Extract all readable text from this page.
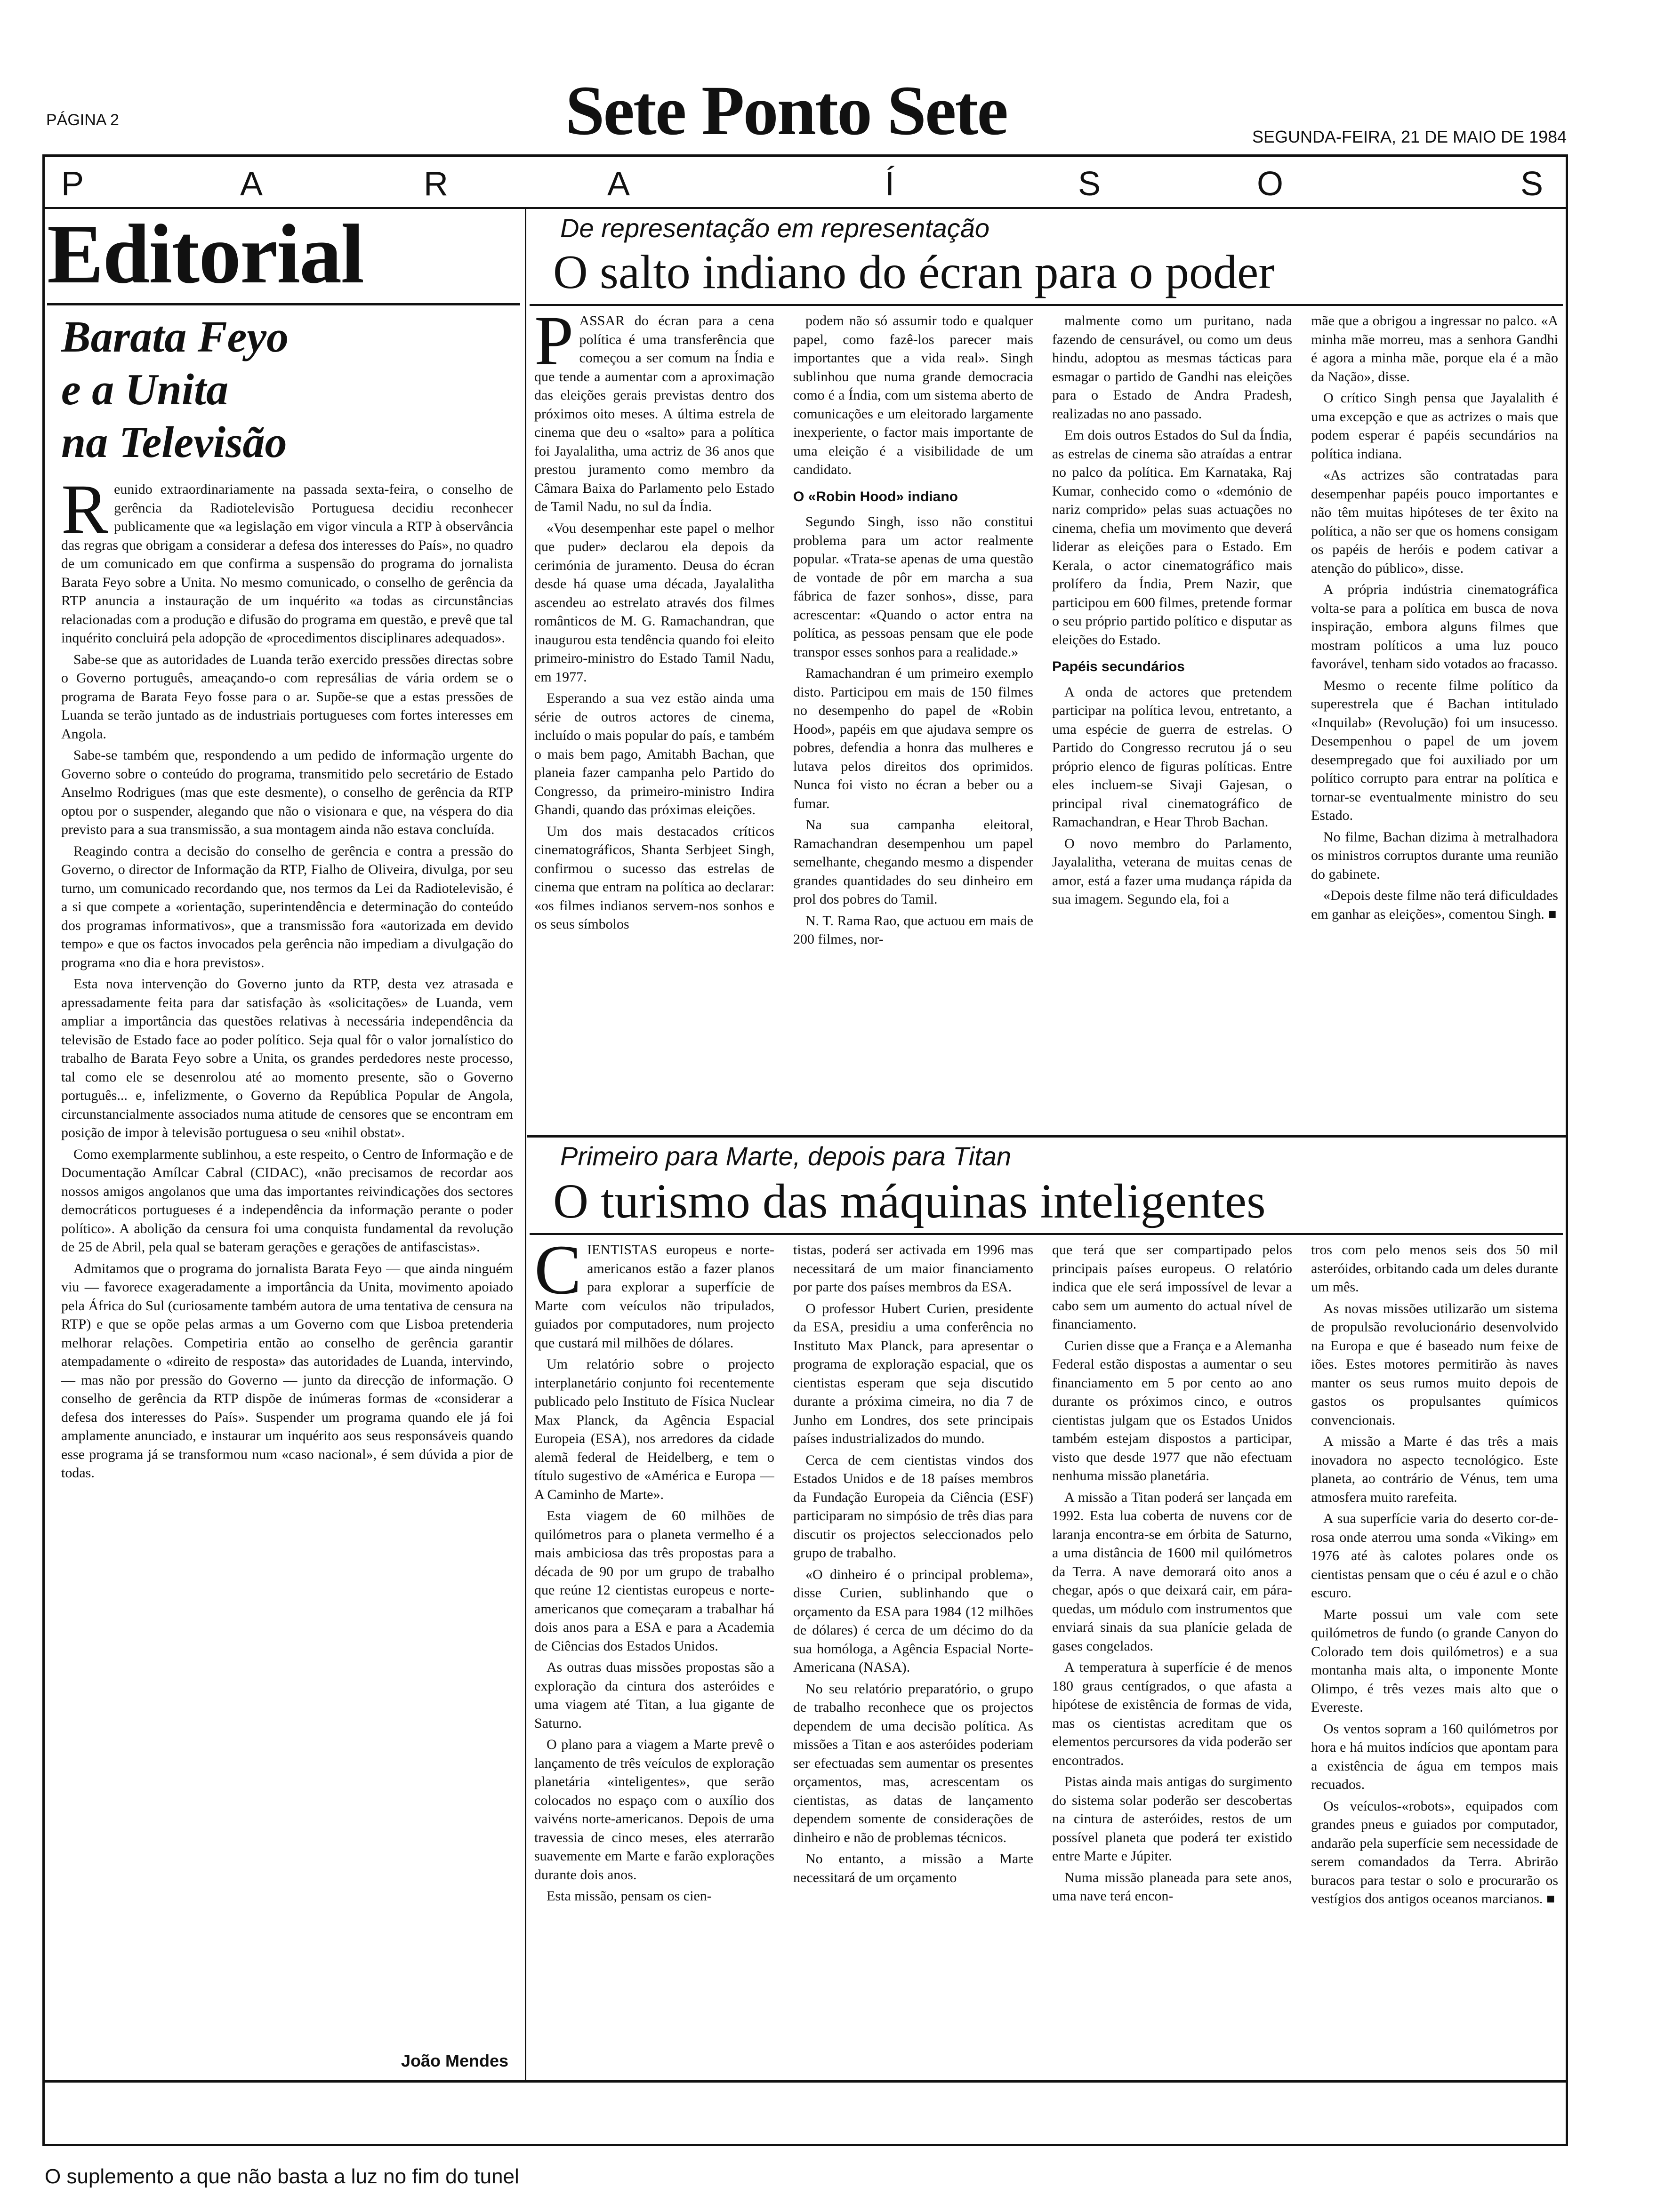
PÁGINA 2	Sete Ponto Sete	SEGUNDA-FEIRA, 21 DE MAIO DE 1984
P	A	R	A	Í	S	O	S
Editorial
Barata Feyo
e a Unita
na Televisão
R eunido extraordinariamente na passada sexta-feira, o conselho de gerência da Radiotelevisão Portuguesa decidiu reconhecer publicamente que «a legislação em vigor vincula a RTP à observância das regras que obrigam a considerar a defesa dos interesses do País», no quadro de um comunicado em que confirma a suspensão do programa do jornalista Barata Feyo sobre a Unita. No mesmo comunicado, o conselho de gerência da RTP anuncia a instauração de um inquérito «a todas as circunstâncias relacionadas com a produção e difusão do programa em questão, e prevê que tal inquérito concluirá pela adopção de «procedimentos disciplinares adequados».

Sabe-se que as autoridades de Luanda terão exercido pressões directas sobre o Governo português, ameaçando-o com represálias de vária ordem se o programa de Barata Feyo fosse para o ar. Supõe-se que a estas pressões de Luanda se terão juntado as de industriais portugueses com fortes interesses em Angola.

Sabe-se também que, respondendo a um pedido de informação urgente do Governo sobre o conteúdo do programa, transmitido pelo secretário de Estado Anselmo Rodrigues (mas que este desmente), o conselho de gerência da RTP optou por o suspender, alegando que não o visionara e que, na véspera do dia previsto para a sua transmissão, a sua montagem ainda não estava concluída.

Reagindo contra a decisão do conselho de gerência e contra a pressão do Governo, o director de Informação da RTP, Fialho de Oliveira, divulga, por seu turno, um comunicado recordando que, nos termos da Lei da Radiotelevisão, é a si que compete a «orientação, superintendência e determinação do conteúdo dos programas informativos», que a transmissão fora «autorizada em devido tempo» e que os factos invocados pela gerência não impediam a divulgação do programa «no dia e hora previstos».

Esta nova intervenção do Governo junto da RTP, desta vez atrasada e apressadamente feita para dar satisfação às «solicitações» de Luanda, vem ampliar a importância das questões relativas à necessária independência da televisão de Estado face ao poder político. Seja qual fôr o valor jornalístico do trabalho de Barata Feyo sobre a Unita, os grandes perdedores neste processo, tal como ele se desenrolou até ao momento presente, são o Governo português... e, infelizmente, o Governo da República Popular de Angola, circunstancialmente associados numa atitude de censores que se encontram em posição de impor à televisão portuguesa o seu «nihil obstat».

Como exemplarmente sublinhou, a este respeito, o Centro de Informação e de Documentação Amílcar Cabral (CIDAC), «não precisamos de recordar aos nossos amigos angolanos que uma das importantes reivindicações dos sectores democráticos portugueses é a independência da informação perante o poder político». A abolição da censura foi uma conquista fundamental da revolução de 25 de Abril, pela qual se bateram gerações e gerações de antifascistas».

Admitamos que o programa do jornalista Barata Feyo — que ainda ninguém viu — favorece exageradamente a importância da Unita, movimento apoiado pela África do Sul (curiosamente também autora de uma tentativa de censura na RTP) e que se opõe pelas armas a um Governo com que Lisboa pretenderia melhorar relações. Competiria então ao conselho de gerência garantir atempadamente o «direito de resposta» das autoridades de Luanda, intervindo, — mas não por pressão do Governo — junto da direcção de informação. O conselho de gerência da RTP dispõe de inúmeras formas de «considerar a defesa dos interesses do País». Suspender um programa quando ele já foi amplamente anunciado, e instaurar um inquérito aos seus responsáveis quando esse programa já se transformou num «caso nacional», é sem dúvida a pior de todas.

João Mendes
De representação em representação
O salto indiano do écran para o poder
P ASSAR do écran para a cena política é uma transferência que começou a ser comum na Índia e que tende a aumentar com a aproximação das eleições gerais previstas dentro dos próximos oito meses. A última estrela de cinema que deu o «salto» para a política foi Jayalalitha, uma actriz de 36 anos que prestou juramento como membro da Câmara Baixa do Parlamento pelo Estado de Tamil Nadu, no sul da Índia.

«Vou desempenhar este papel o melhor que puder» declarou ela depois da cerimónia de juramento. Deusa do écran desde há quase uma década, Jayalalitha ascendeu ao estrelato através dos filmes românticos de M. G. Ramachandran, que inaugurou esta tendência quando foi eleito primeiro-ministro do Estado Tamil Nadu, em 1977.

Esperando a sua vez estão ainda uma série de outros actores de cinema, incluído o mais popular do país, e também o mais bem pago, Amitabh Bachan, que planeia fazer campanha pelo Partido do Congresso, da primeiro-ministro Indira Ghandi, quando das próximas eleições.

Um dos mais destacados críticos cinematográficos, Shanta Serbjeet Singh, confirmou o sucesso das estrelas de cinema que entram na política ao declarar: «os filmes indianos servem-nos sonhos e os seus símbolos

podem não só assumir todo e qualquer papel, como fazê-los parecer mais importantes que a vida real». Singh sublinhou que numa grande democracia como é a Índia, com um sistema aberto de comunicações e um eleitorado largamente inexperiente, o factor mais importante de uma eleição é a visibilidade de um candidato.

O «Robin Hood» indiano

Segundo Singh, isso não constitui problema para um actor realmente popular. «Trata-se apenas de uma questão de vontade de pôr em marcha a sua fábrica de fazer sonhos», disse, para acrescentar: «Quando o actor entra na política, as pessoas pensam que ele pode transpor esses sonhos para a realidade.»

Ramachandran é um primeiro exemplo disto. Participou em mais de 150 filmes no desempenho do papel de «Robin Hood», papéis em que ajudava sempre os pobres, defendia a honra das mulheres e lutava pelos direitos dos oprimidos. Nunca foi visto no écran a beber ou a fumar.

Na sua campanha eleitoral, Ramachandran desempenhou um papel semelhante, chegando mesmo a dispender grandes quantidades do seu dinheiro em prol dos pobres do Tamil.

N. T. Rama Rao, que actuou em mais de 200 filmes, nor-

malmente como um puritano, nada fazendo de censurável, ou como um deus hindu, adoptou as mesmas tácticas para esmagar o partido de Gandhi nas eleições para o Estado de Andra Pradesh, realizadas no ano passado.

Em dois outros Estados do Sul da Índia, as estrelas de cinema são atraídas a entrar no palco da política. Em Karnataka, Raj Kumar, conhecido como o «demónio de nariz comprido» pelas suas actuações no cinema, chefia um movimento que deverá liderar as eleições para o Estado. Em Kerala, o actor cinematográfico mais prolífero da Índia, Prem Nazir, que participou em 600 filmes, pretende formar o seu próprio partido político e disputar as eleições do Estado.

Papéis secundários

A onda de actores que pretendem participar na política levou, entretanto, a uma espécie de guerra de estrelas. O Partido do Congresso recrutou já o seu próprio elenco de figuras políticas. Entre eles incluem-se Sivaji Gajesan, o principal rival cinematográfico de Ramachandran, e Hear Throb Bachan.

O novo membro do Parlamento, Jayalalitha, veterana de muitas cenas de amor, está a fazer uma mudança rápida da sua imagem. Segundo ela, foi a

mãe que a obrigou a ingressar no palco. «A minha mãe morreu, mas a senhora Gandhi é agora a minha mãe, porque ela é a mão da Nação», disse.

O crítico Singh pensa que Jayalalith é uma excepção e que as actrizes o mais que podem esperar é papéis secundários na política indiana.

«As actrizes são contratadas para desempenhar papéis pouco importantes e não têm muitas hipóteses de ter êxito na política, a não ser que os homens consigam os papéis de heróis e podem cativar a atenção do público», disse.

A própria indústria cinematográfica volta-se para a política em busca de nova inspiração, embora alguns filmes que mostram políticos a uma luz pouco favorável, tenham sido votados ao fracasso.

Mesmo o recente filme político da superestrela que é Bachan intitulado «Inquilab» (Revolução) foi um insucesso. Desempenhou o papel de um jovem desempregado que foi auxiliado por um político corrupto para entrar na política e tornar-se eventualmente ministro do seu Estado.

No filme, Bachan dizima à metralhadora os ministros corruptos durante uma reunião do gabinete.

«Depois deste filme não terá dificuldades em ganhar as eleições», comentou Singh. ■

Primeiro para Marte, depois para Titan
O turismo das máquinas inteligentes
C IENTISTAS europeus e norte-americanos estão a fazer planos para explorar a superfície de Marte com veículos não tripulados, guiados por computadores, num projecto que custará mil milhões de dólares.

Um relatório sobre o projecto interplanetário conjunto foi recentemente publicado pelo Instituto de Física Nuclear Max Planck, da Agência Espacial Europeia (ESA), nos arredores da cidade alemã federal de Heidelberg, e tem o título sugestivo de «América e Europa — A Caminho de Marte».

Esta viagem de 60 milhões de quilómetros para o planeta vermelho é a mais ambiciosa das três propostas para a década de 90 por um grupo de trabalho que reúne 12 cientistas europeus e norte-americanos que começaram a trabalhar há dois anos para a ESA e para a Academia de Ciências dos Estados Unidos.

As outras duas missões propostas são a exploração da cintura dos asteróides e uma viagem até Titan, a lua gigante de Saturno.

O plano para a viagem a Marte prevê o lançamento de três veículos de exploração planetária «inteligentes», que serão colocados no espaço com o auxílio dos vaivéns norte-americanos. Depois de uma travessia de cinco meses, eles aterrarão suavemente em Marte e farão explorações durante dois anos.

Esta missão, pensam os cien-

tistas, poderá ser activada em 1996 mas necessitará de um maior financiamento por parte dos países membros da ESA.

O professor Hubert Curien, presidente da ESA, presidiu a uma conferência no Instituto Max Planck, para apresentar o programa de exploração espacial, que os cientistas esperam que seja discutido durante a próxima cimeira, no dia 7 de Junho em Londres, dos sete principais países industrializados do mundo.

Cerca de cem cientistas vindos dos Estados Unidos e de 18 países membros da Fundação Europeia da Ciência (ESF) participaram no simpósio de três dias para discutir os projectos seleccionados pelo grupo de trabalho.

«O dinheiro é o principal problema», disse Curien, sublinhando que o orçamento da ESA para 1984 (12 milhões de dólares) é cerca de um décimo do da sua homóloga, a Agência Espacial Norte-Americana (NASA).

No seu relatório preparatório, o grupo de trabalho reconhece que os projectos dependem de uma decisão política. As missões a Titan e aos asteróides poderiam ser efectuadas sem aumentar os presentes orçamentos, mas, acrescentam os cientistas, as datas de lançamento dependem somente de considerações de dinheiro e não de problemas técnicos.

No entanto, a missão a Marte necessitará de um orçamento

que terá que ser compartipado pelos principais países europeus. O relatório indica que ele será impossível de levar a cabo sem um aumento do actual nível de financiamento.

Curien disse que a França e a Alemanha Federal estão dispostas a aumentar o seu financiamento em 5 por cento ao ano durante os próximos cinco, e outros cientistas julgam que os Estados Unidos também estejam dispostos a participar, visto que desde 1977 que não efectuam nenhuma missão planetária.

A missão a Titan poderá ser lançada em 1992. Esta lua coberta de nuvens cor de laranja encontra-se em órbita de Saturno, a uma distância de 1600 mil quilómetros da Terra. A nave demorará oito anos a chegar, após o que deixará cair, em pára-quedas, um módulo com instrumentos que enviará sinais da sua planície gelada de gases congelados.

A temperatura à superfície é de menos 180 graus centígrados, o que afasta a hipótese de existência de formas de vida, mas os cientistas acreditam que os elementos percursores da vida poderão ser encontrados.

Pistas ainda mais antigas do surgimento do sistema solar poderão ser descobertas na cintura de asteróides, restos de um possível planeta que poderá ter existido entre Marte e Júpiter.

Numa missão planeada para sete anos, uma nave terá encon-

tros com pelo menos seis dos 50 mil asteróides, orbitando cada um deles durante um mês.

As novas missões utilizarão um sistema de propulsão revolucionário desenvolvido na Europa e que é baseado num feixe de iões. Estes motores permitirão às naves manter os seus rumos muito depois de gastos os propulsantes químicos convencionais.

A missão a Marte é das três a mais inovadora no aspecto tecnológico. Este planeta, ao contrário de Vénus, tem uma atmosfera muito rarefeita.

A sua superfície varia do deserto cor-de-rosa onde aterrou uma sonda «Viking» em 1976 até às calotes polares onde os cientistas pensam que o céu é azul e o chão escuro.

Marte possui um vale com sete quilómetros de fundo (o grande Canyon do Colorado tem dois quilómetros) e a sua montanha mais alta, o imponente Monte Olimpo, é três vezes mais alto que o Evereste.

Os ventos sopram a 160 quilómetros por hora e há muitos indícios que apontam para a existência de água em tempos mais recuados.

Os veículos-«robots», equipados com grandes pneus e guiados por computador, andarão pela superfície sem necessidade de serem comandados da Terra. Abrirão buracos para testar o solo e procurarão os vestígios dos antigos oceanos marcianos. ■

O suplemento a que não basta a luz no fim do tunel
